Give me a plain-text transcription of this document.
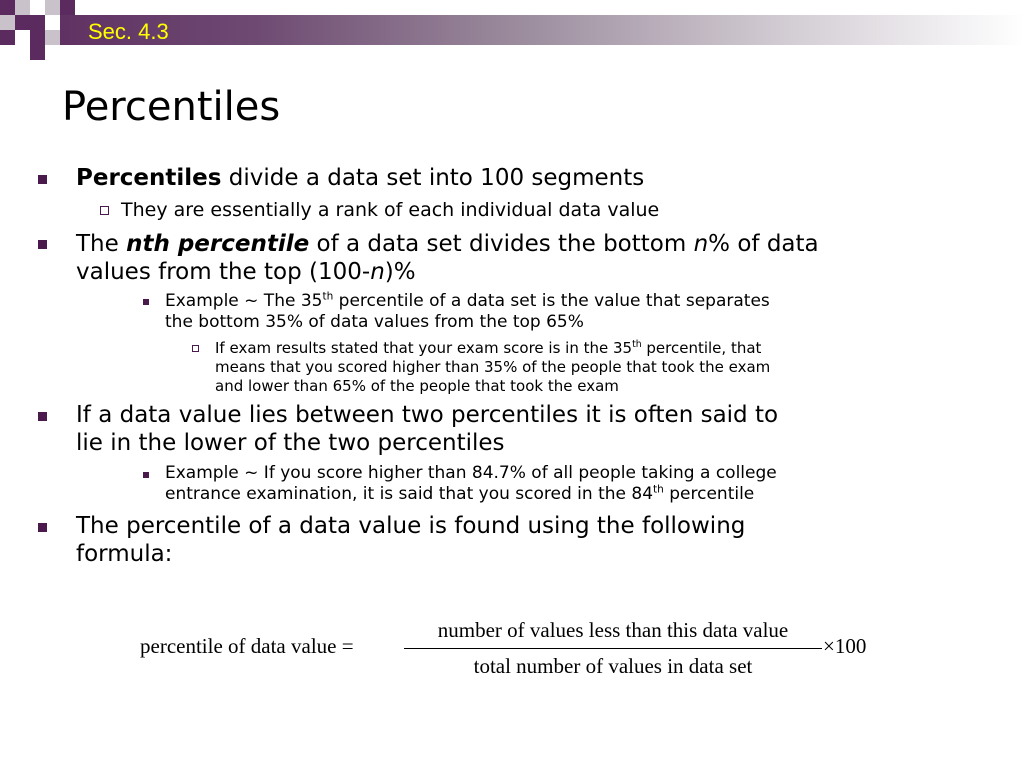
Sec. 4.3
Percentiles
Percentiles divide a data set into 100 segments
They are essentially a rank of each individual data value
The nth percentile of a data set divides the bottom n% of data
values from the top (100-n)%
Example ~ The 35th percentile of a data set is the value that separates
the bottom 35% of data values from the top 65%
If exam results stated that your exam score is in the 35th percentile, that
means that you scored higher than 35% of the people that took the exam
and lower than 65% of the people that took the exam
If a data value lies between two percentiles it is often said to
lie in the lower of the two percentiles
Example ~ If you score higher than 84.7% of all people taking a college
entrance examination, it is said that you scored in the 84th percentile
The percentile of a data value is found using the following
formula:
percentile of data value =
number of values less than this data value
total number of values in data set
×100
